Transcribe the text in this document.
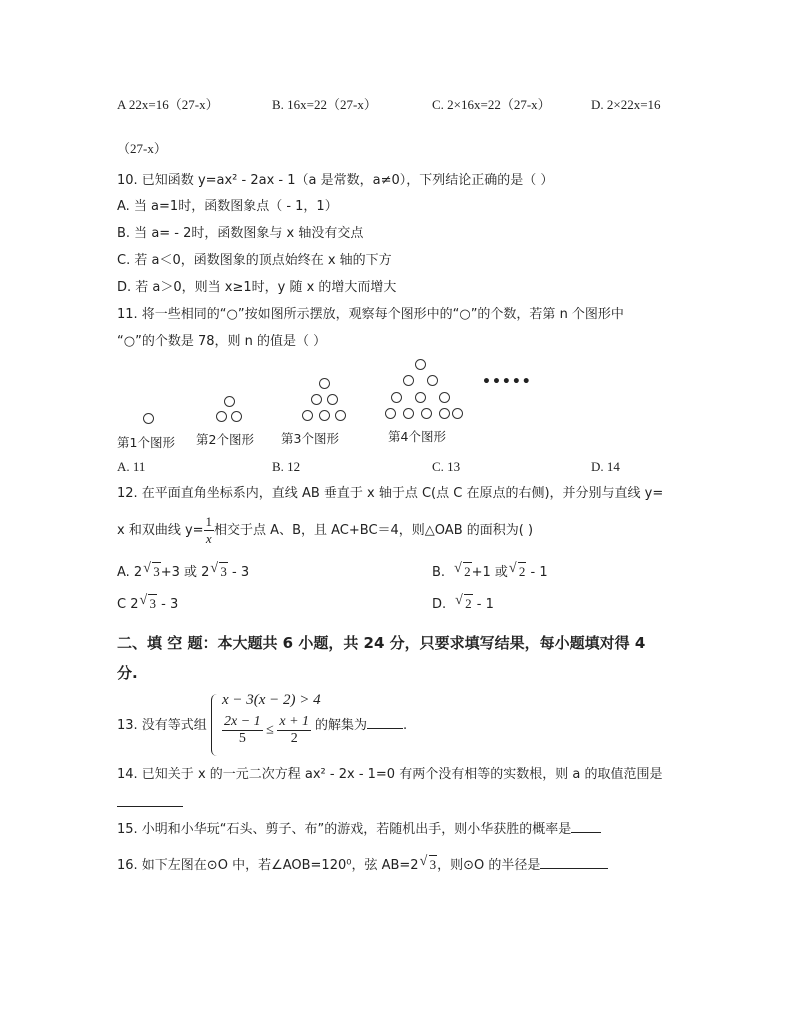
A 22x=16（27-x）	B. 16x=22（27-x）	C. 2×16x=22（27-x）	D. 2×22x=16
（27-x）
10. 已知函数 y=ax² - 2ax - 1（a 是常数，a≠0），下列结论正确的是（ ）
A. 当 a=1时，函数图象点（ - 1，1）
B. 当 a= - 2时，函数图象与 x 轴没有交点
C. 若 a＜0，函数图象的顶点始终在 x 轴的下方
D. 若 a＞0，则当 x≥1时，y 随 x 的增大而增大
11. 将一些相同的“○”按如图所示摆放，观察每个图形中的“○”的个数，若第 n 个图形中
“○”的个数是 78，则 n 的值是（ ）
•••••
第1个图形 第2个图形 第3个图形	第4个图形
A. 11	B. 12	C. 13	D. 14
12. 在平面直角坐标系内，直线 AB 垂直于 x 轴于点 C(点 C 在原点的右侧)，并分别与直线 y=
x 和双曲线 $y= \frac{1}{x}$ 相交于点 A、B，且 AC+BC＝4，则△OAB 的面积为( )
A. 2 √ 3+3 或 2 √ 3 - 3	B. √ 2+1 或 √ 2 - 1
C 2 √ 3 - 3	D. √ 2 - 1
二、填 空 题：本大题共 6 小题，共 24 分，只要求填写结果，每小题填对得 4
分.
13. 没有等式组
x − 3(x − 2) > 4
$\frac{2x - 1}{5} \le \frac{x + 1}{2}$ 的解集为	.
14. 已知关于 x 的一元二次方程 ax² - 2x - 1=0 有两个没有相等的实数根，则 a 的取值范围是
15. 小明和小华玩“石头、剪子、布”的游戏，若随机出手，则小华获胜的概率是
16. 如下左图在⊙O 中，若∠AOB=120⁰，弦 AB=2 √ 3，则⊙O 的半径是
